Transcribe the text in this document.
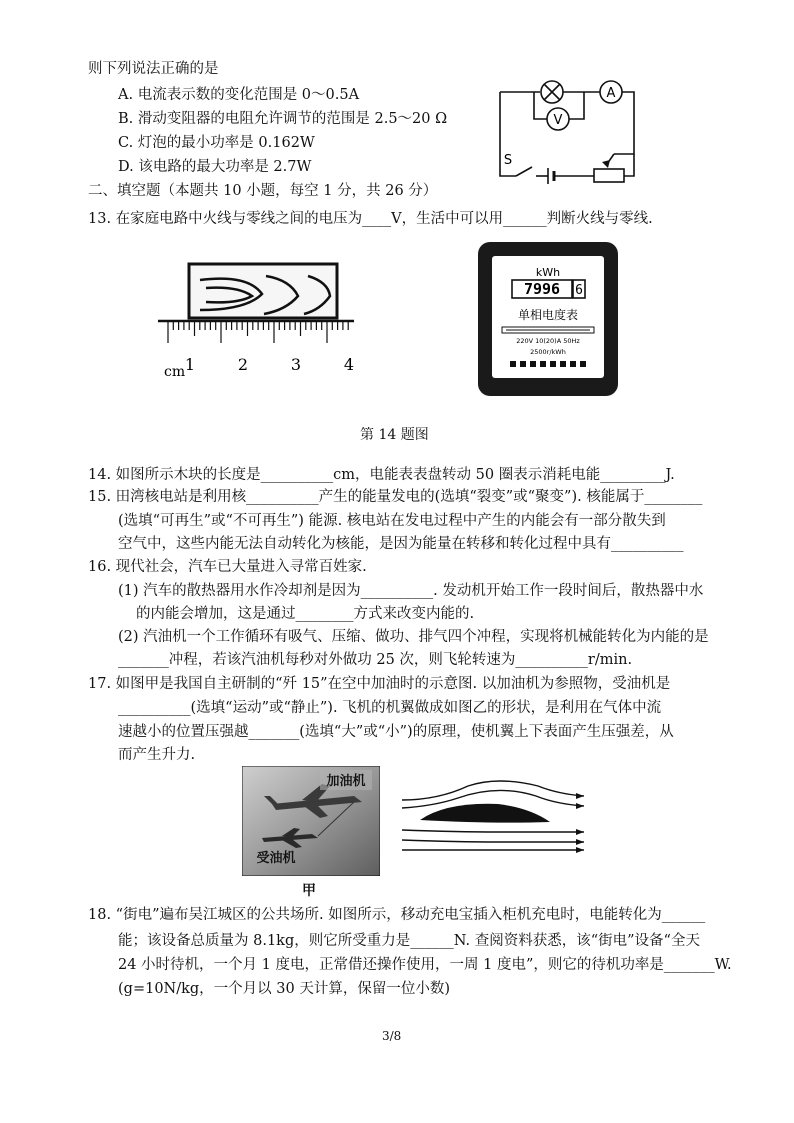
则下列说法正确的是
A. 电流表示数的变化范围是 0～0.5A
B. 滑动变阻器的电阻允许调节的范围是 2.5～20 Ω
C. 灯泡的最小功率是 0.162W
D. 该电路的最大功率是 2.7W
A
V
S
二、填空题（本题共 10 小题，每空 1 分，共 26 分）
13. 在家庭电路中火线与零线之间的电压为____V，生活中可以用______判断火线与零线.
cm 1	2	3	4
kWh
7996 6
单相电度表
220V 10(20)A 50Hz
2500r/kWh
第 14 题图
14. 如图所示木块的长度是__________cm，电能表表盘转动 50 圈表示消耗电能_________J.
15. 田湾核电站是利用核__________产生的能量发电的(选填“裂变”或“聚变”). 核能属于________
(选填“可再生”或“不可再生”) 能源. 核电站在发电过程中产生的内能会有一部分散失到
空气中，这些内能无法自动转化为核能，是因为能量在转移和转化过程中具有__________
16. 现代社会，汽车已大量进入寻常百姓家.
(1) 汽车的散热器用水作冷却剂是因为__________. 发动机开始工作一段时间后，散热器中水
的内能会增加，这是通过________方式来改变内能的.
(2) 汽油机一个工作循环有吸气、压缩、做功、排气四个冲程，实现将机械能转化为内能的是
_______冲程，若该汽油机每秒对外做功 25 次，则飞轮转速为__________r/min.
17. 如图甲是我国自主研制的“歼 15”在空中加油时的示意图. 以加油机为参照物，受油机是
__________(选填“运动”或“静止”). 飞机的机翼做成如图乙的形状，是利用在气体中流
速越小的位置压强越_______(选填“大”或“小”)的原理，使机翼上下表面产生压强差，从
而产生升力.
加油机
受油机
甲
18. “街电”遍布吴江城区的公共场所. 如图所示，移动充电宝插入柜机充电时，电能转化为______
能；该设备总质量为 8.1kg，则它所受重力是______N. 查阅资料获悉，该“街电”设备“全天
24 小时待机，一个月 1 度电，正常借还操作使用，一周 1 度电”，则它的待机功率是_______W.
(g=10N/kg，一个月以 30 天计算，保留一位小数)
3/8
